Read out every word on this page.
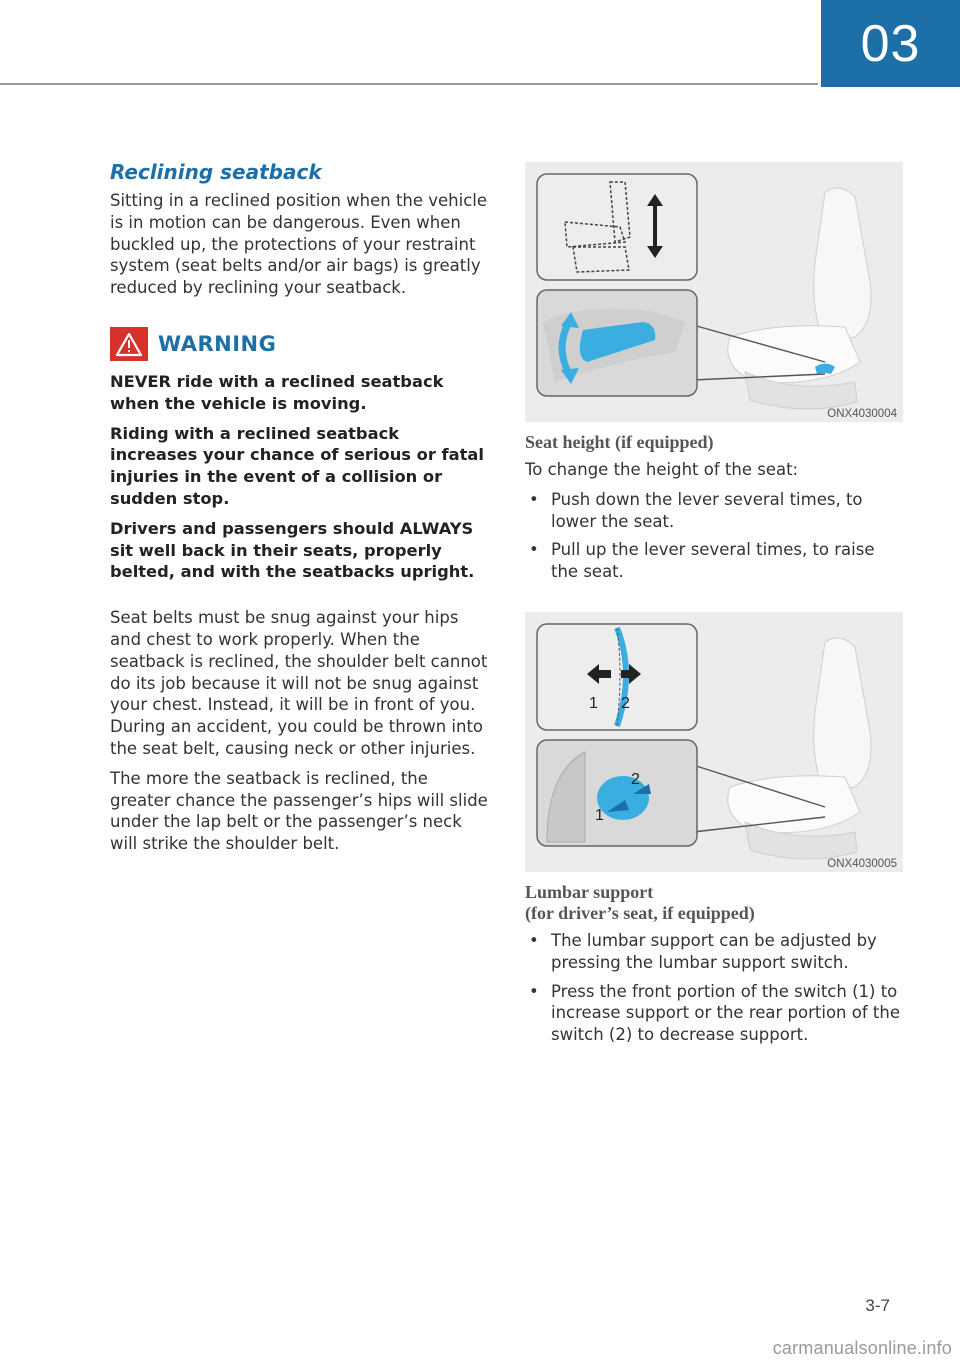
03
Reclining seatback

Sitting in a reclined position when the vehicle is in motion can be dangerous. Even when buckled up, the protections of your restraint system (seat belts and/or air bags) is greatly reduced by reclining your seatback.

WARNING

NEVER ride with a reclined seatback when the vehicle is moving.

Riding with a reclined seatback increases your chance of serious or fatal injuries in the event of a collision or sudden stop.

Drivers and passengers should ALWAYS sit well back in their seats, properly belted, and with the seatbacks upright.

Seat belts must be snug against your hips and chest to work properly. When the seatback is reclined, the shoulder belt cannot do its job because it will not be snug against your chest. Instead, it will be in front of you. During an accident, you could be thrown into the seat belt, causing neck or other injuries.

The more the seatback is reclined, the greater chance the passenger’s hips will slide under the lap belt or the passenger’s neck will strike the shoulder belt.

ONX4030004
Seat height (if equipped)

To change the height of the seat:

• Push down the lever several times, to lower the seat.
• Pull up the lever several times, to raise the seat.
1 2
2
1
ONX4030005
Lumbar support
(for driver’s seat, if equipped)
• The lumbar support can be adjusted by pressing the lumbar support switch.
• Press the front portion of the switch (1) to increase support or the rear portion of the switch (2) to decrease support.
3-7
carmanualsonline.info
